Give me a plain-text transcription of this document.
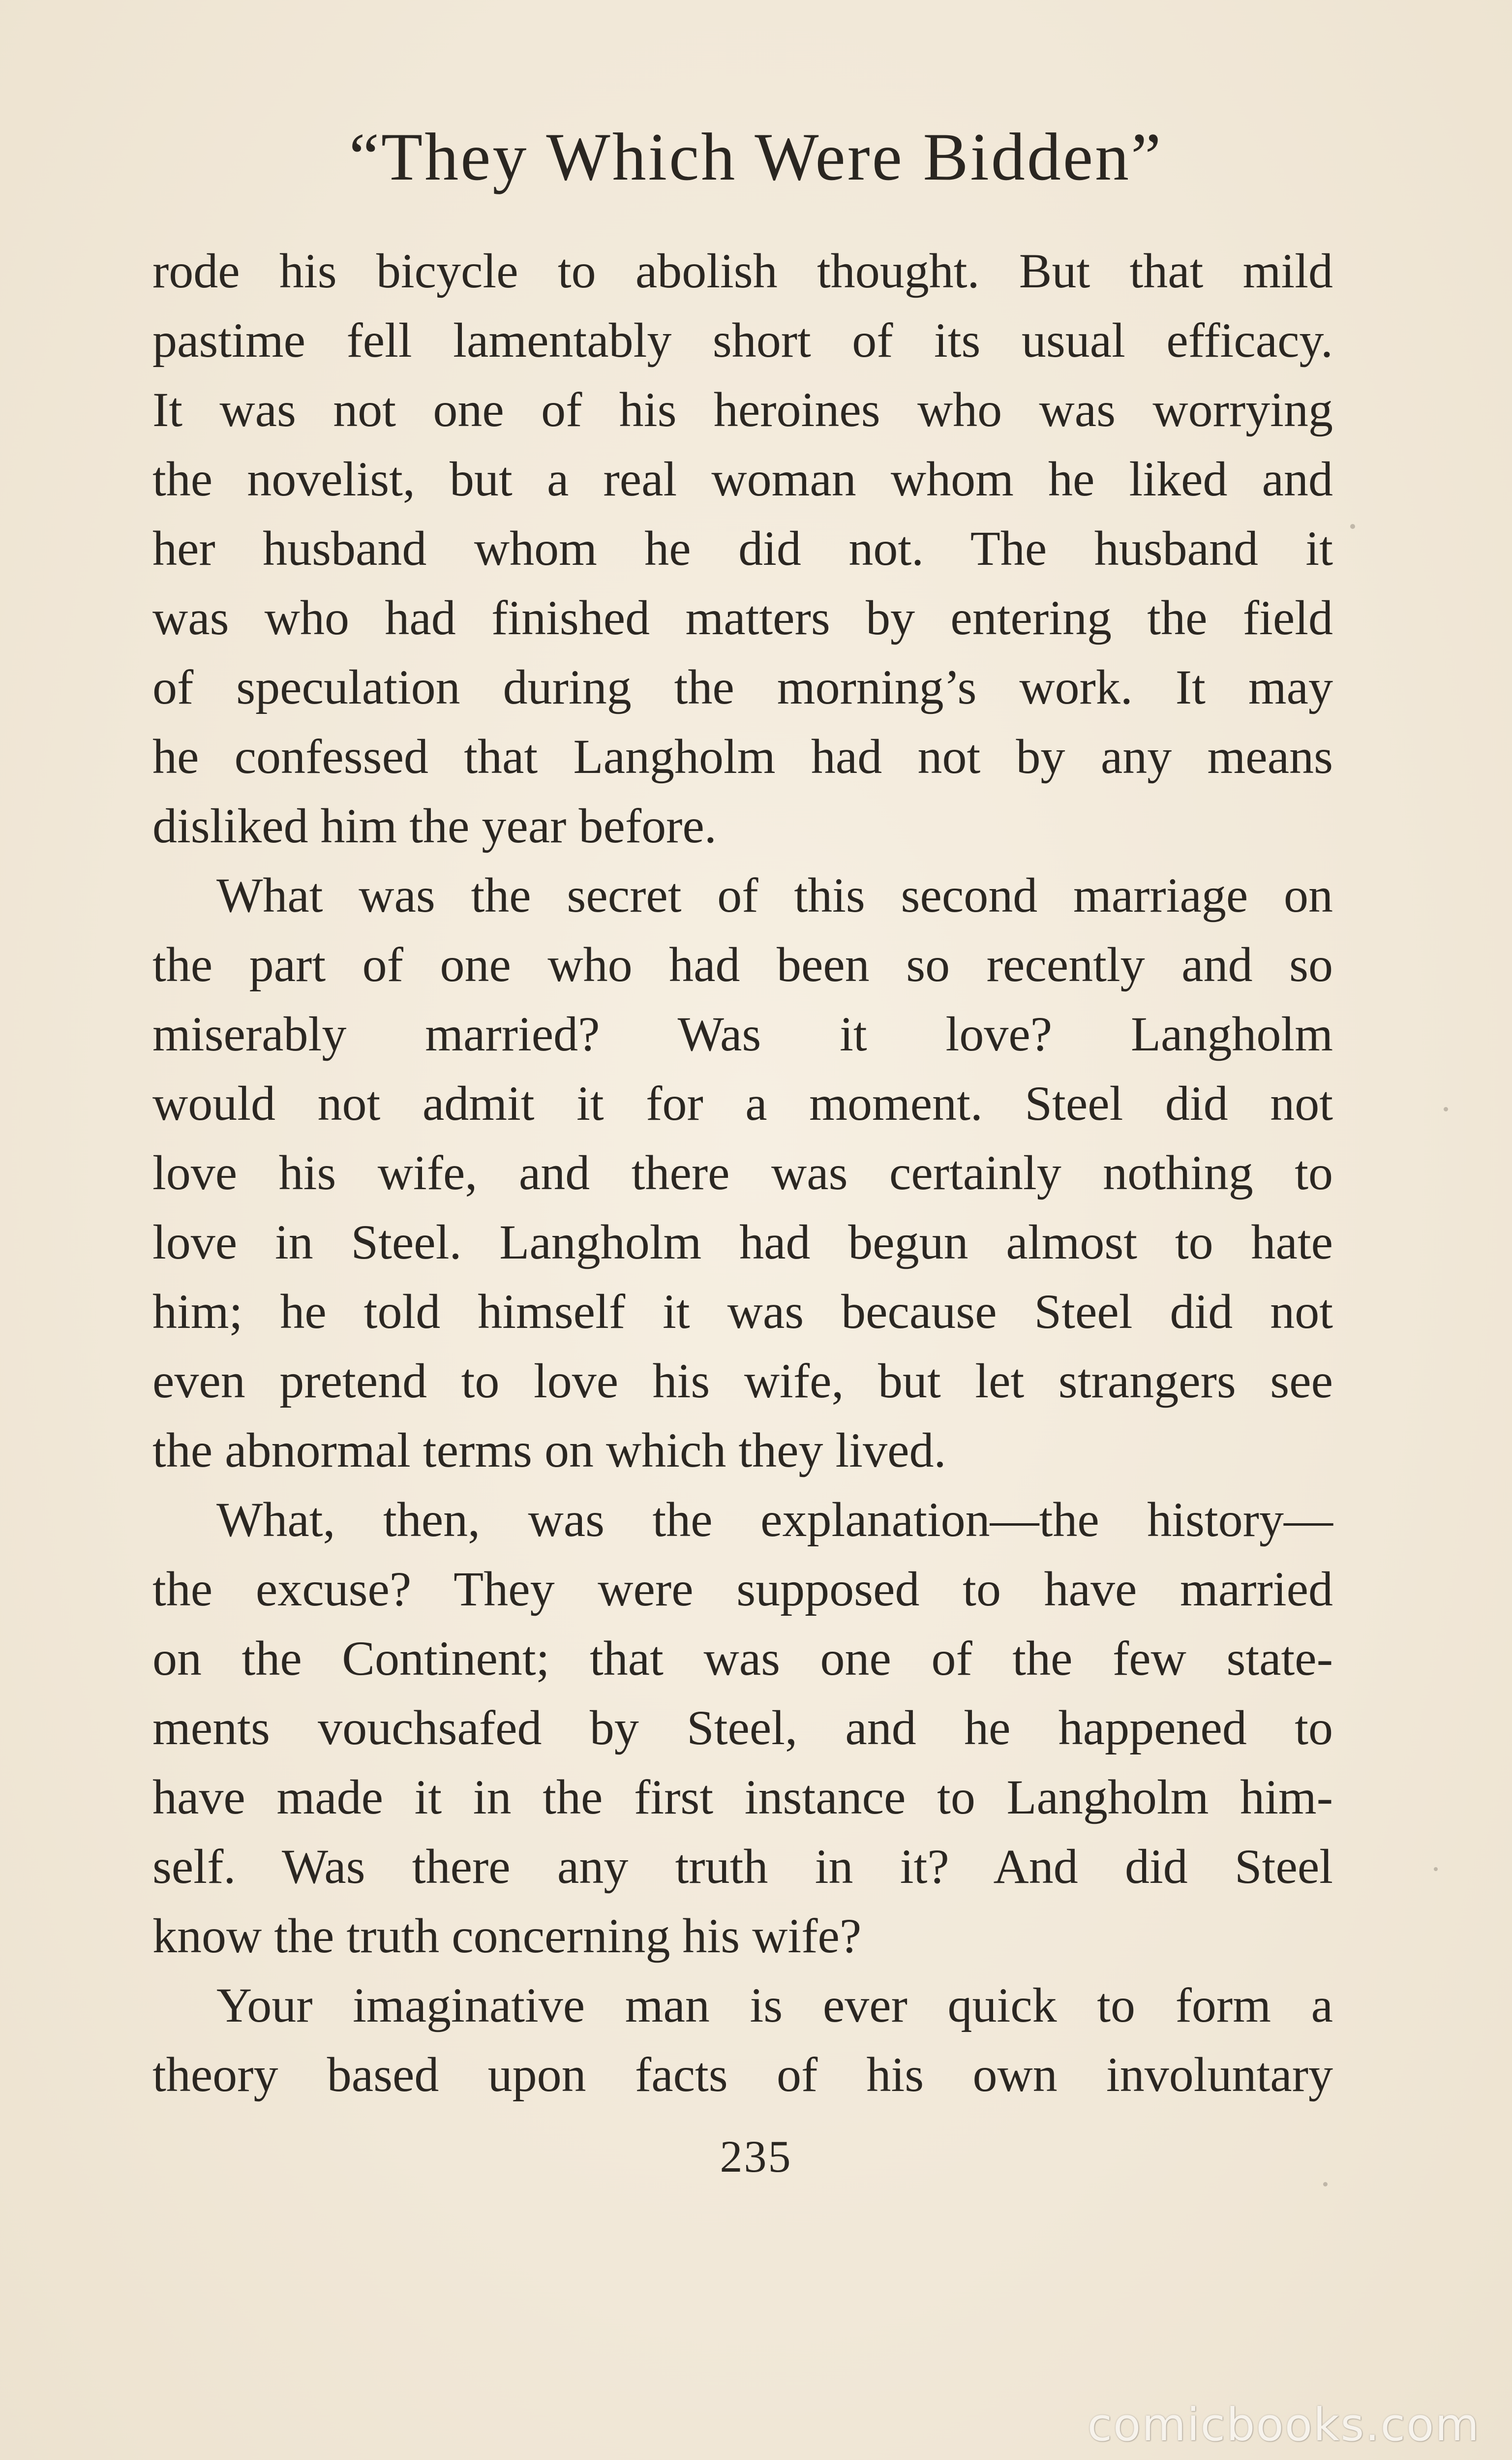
“They Which Were Bidden”
rode his bicycle to abolish thought. But that mild
pastime fell lamentably short of its usual efficacy.
It was not one of his heroines who was worrying
the novelist, but a real woman whom he liked and
her husband whom he did not. The husband it
was who had finished matters by entering the field
of speculation during the morning’s work. It may
he confessed that Langholm had not by any means
disliked him the year before.
What was the secret of this second marriage on
the part of one who had been so recently and so
miserably married? Was it love? Langholm
would not admit it for a moment. Steel did not
love his wife, and there was certainly nothing to
love in Steel. Langholm had begun almost to hate
him; he told himself it was because Steel did not
even pretend to love his wife, but let strangers see
the abnormal terms on which they lived.
What, then, was the explanation—the history—
the excuse? They were supposed to have married
on the Continent; that was one of the few state-
ments vouchsafed by Steel, and he happened to
have made it in the first instance to Langholm him-
self. Was there any truth in it? And did Steel
know the truth concerning his wife?
Your imaginative man is ever quick to form a
theory based upon facts of his own involuntary
235
comicbooks.com
